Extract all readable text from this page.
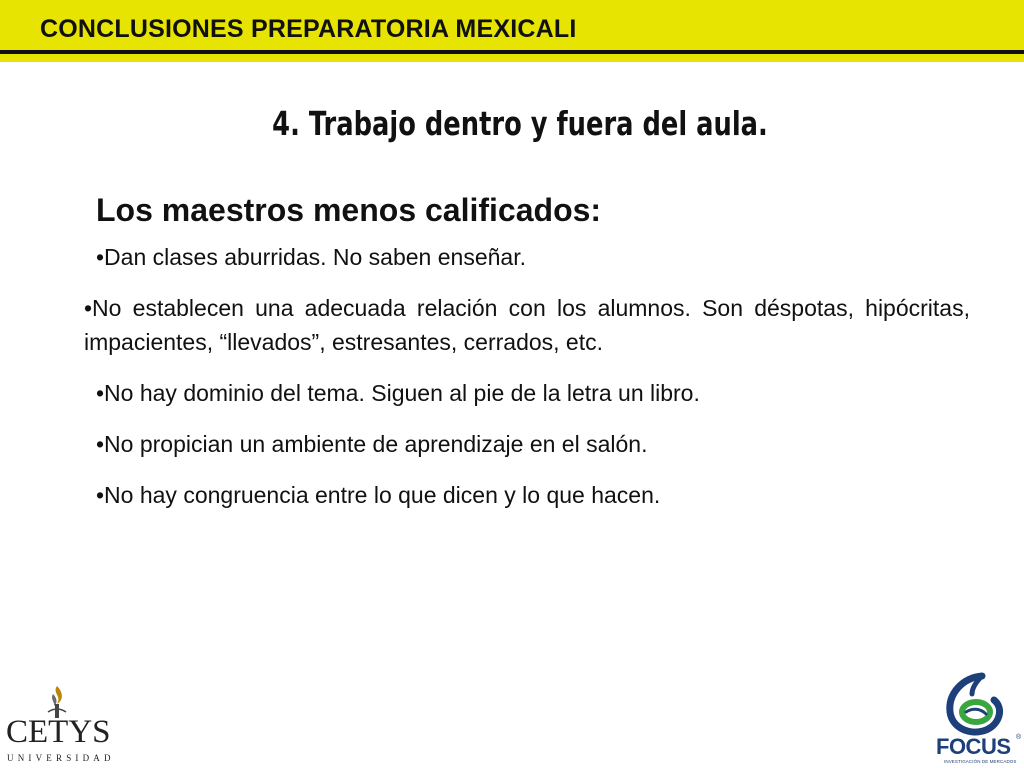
CONCLUSIONES PREPARATORIA MEXICALI
4. Trabajo dentro y fuera del aula.
Los maestros menos calificados:
•Dan clases aburridas. No saben enseñar.
•No establecen una adecuada relación con los alumnos. Son déspotas, hipócritas, impacientes, “llevados”, estresantes, cerrados, etc.
•No hay dominio del tema. Siguen al pie de la letra un libro.
•No propician un ambiente de aprendizaje en el salón.
•No hay congruencia entre lo que dicen y lo que hacen.
CETYS
UNIVERSIDAD	FOCUS ®
INVESTIGACIÓN DE MERCADOS
